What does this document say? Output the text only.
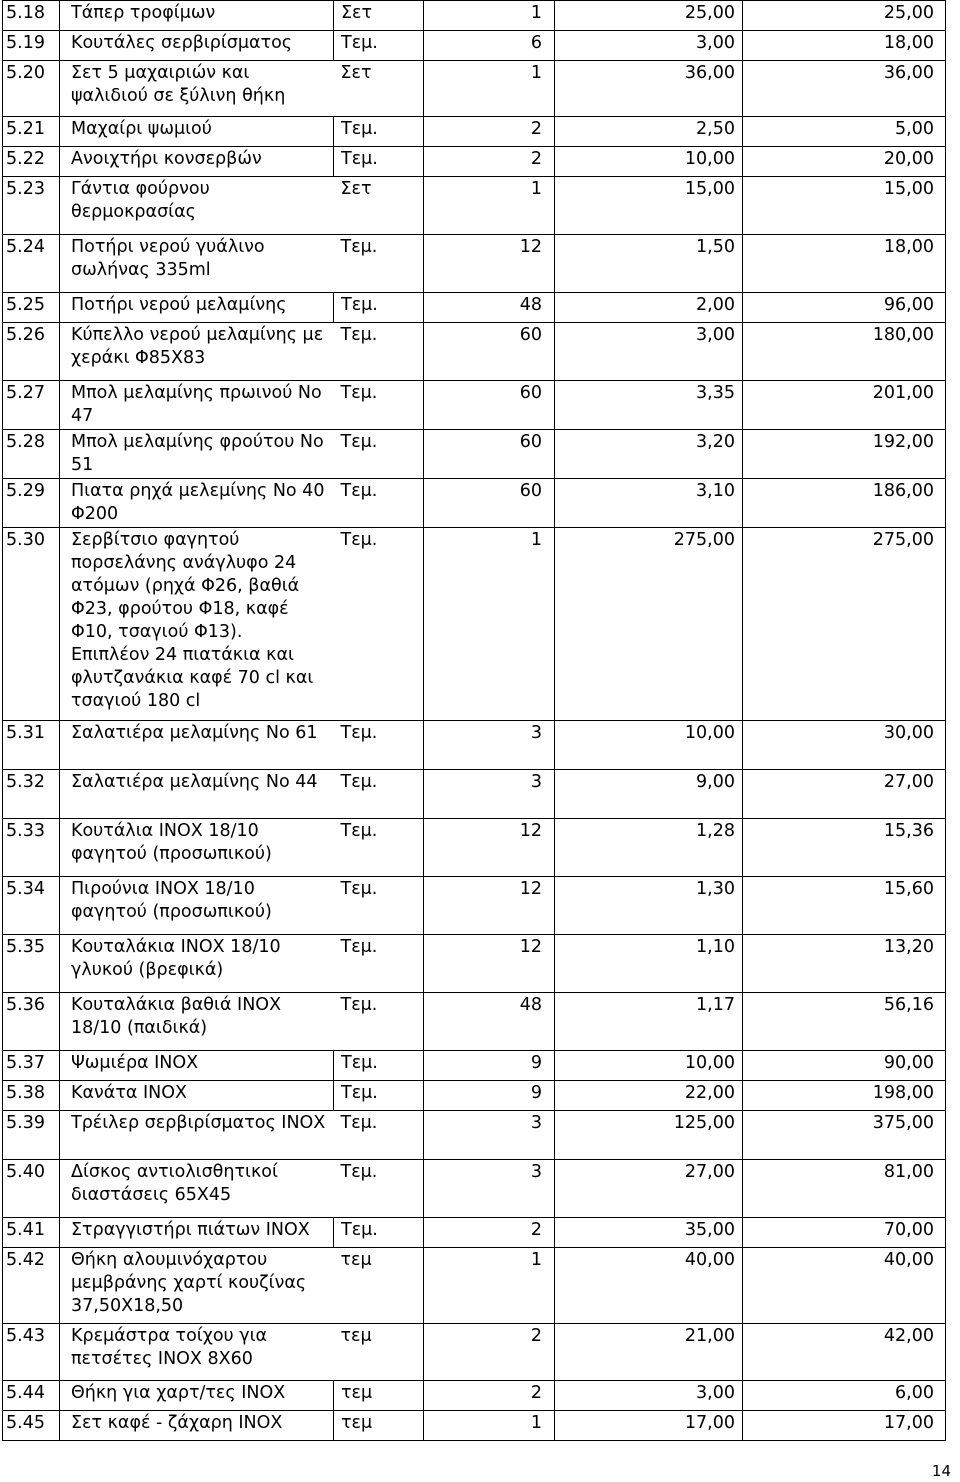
5.18	Τάπερ τροφίμων	Σετ	1	25,00	25,00
5.19	Κουτάλες σερβιρίσματος	Τεμ.	6	3,00	18,00
5.20	Σετ 5 μαχαιριών και ψαλιδιού σε ξύλινη θήκη	Σετ	1	36,00	36,00
5.21	Μαχαίρι ψωμιού	Τεμ.	2	2,50	5,00
5.22	Ανοιχτήρι κονσερβών	Τεμ.	2	10,00	20,00
5.23	Γάντια φούρνου θερμοκρασίας	Σετ	1	15,00	15,00
5.24	Ποτήρι νερού γυάλινο σωλήνας 335ml	Τεμ.	12	1,50	18,00
5.25	Ποτήρι νερού μελαμίνης	Τεμ.	48	2,00	96,00
5.26	Κύπελλο νερού μελαμίνης με χεράκι Φ85Χ83	Τεμ.	60	3,00	180,00
5.27	Μπολ μελαμίνης πρωινού Νο 47	Τεμ.	60	3,35	201,00
5.28	Μπολ μελαμίνης φρούτου Νο 51	Τεμ.	60	3,20	192,00
5.29	Πιατα ρηχά μελεμίνης Νο 40 Φ200	Τεμ.	60	3,10	186,00
5.30	Σερβίτσιο φαγητού πορσελάνης ανάγλυφο 24 ατόμων (ρηχά Φ26, βαθιά Φ23, φρούτου Φ18, καφέ Φ10, τσαγιού Φ13). Επιπλέον 24 πιατάκια και φλυτζανάκια καφέ 70 cl και τσαγιού 180 cl	Τεμ.	1	275,00	275,00
5.31	Σαλατιέρα μελαμίνης Νο 61	Τεμ.	3	10,00	30,00
5.32	Σαλατιέρα μελαμίνης Νο 44	Τεμ.	3	9,00	27,00
5.33	Κουτάλια ΙΝΟΧ 18/10 φαγητού (προσωπικού)	Τεμ.	12	1,28	15,36
5.34	Πιρούνια ΙΝΟΧ 18/10 φαγητού (προσωπικού)	Τεμ.	12	1,30	15,60
5.35	Κουταλάκια ΙΝΟΧ 18/10 γλυκού (βρεφικά)	Τεμ.	12	1,10	13,20
5.36	Κουταλάκια βαθιά ΙΝΟΧ 18/10 (παιδικά)	Τεμ.	48	1,17	56,16
5.37	Ψωμιέρα ΙΝΟΧ	Τεμ.	9	10,00	90,00
5.38	Κανάτα ΙΝΟΧ	Τεμ.	9	22,00	198,00
5.39	Τρέιλερ σερβιρίσματος ΙΝΟΧ	Τεμ.	3	125,00	375,00
5.40	Δίσκος αντιολισθητικοί διαστάσεις 65Χ45	Τεμ.	3	27,00	81,00
5.41	Στραγγιστήρι πιάτων ΙΝΟΧ	Τεμ.	2	35,00	70,00
5.42	Θήκη αλουμινόχαρτου μεμβράνης χαρτί κουζίνας 37,50Χ18,50	τεμ	1	40,00	40,00
5.43	Κρεμάστρα τοίχου για πετσέτες ΙΝΟΧ 8Χ60	τεμ	2	21,00	42,00
5.44	Θήκη για χαρτ/τες ΙΝΟΧ	τεμ	2	3,00	6,00
5.45	Σετ καφέ - ζάχαρη ΙΝΟΧ	τεμ	1	17,00	17,00
14
